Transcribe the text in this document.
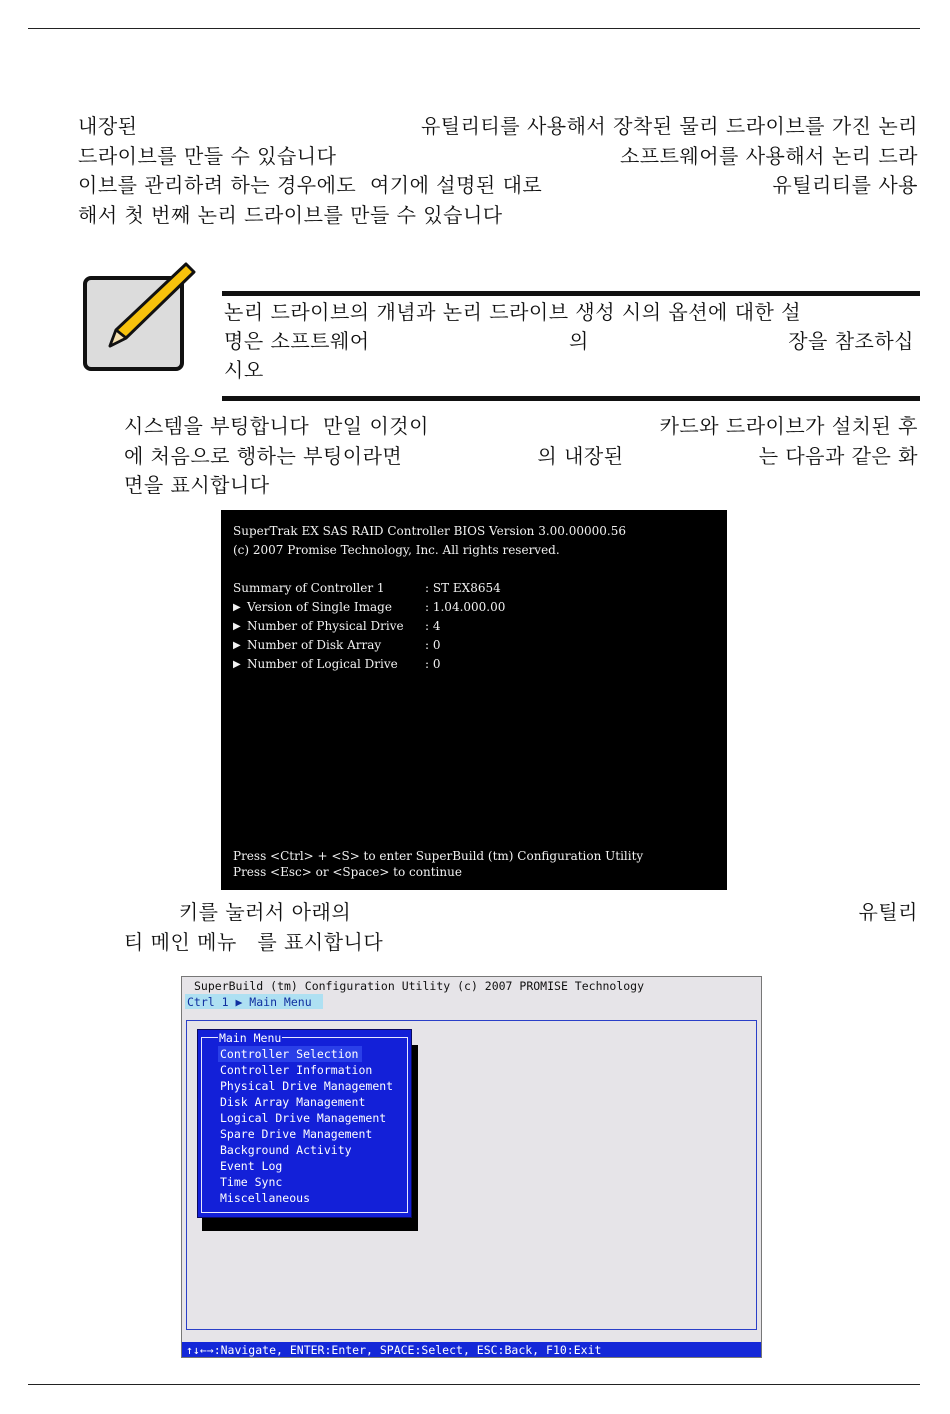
내장된	유틸리티를 사용해서 장착된 물리 드라이브를 가진 논리
드라이브를 만들 수 있습니다	소프트웨어를 사용해서 논리 드라
이브를 관리하려 하는 경우에도  여기에 설명된 대로	유틸리티를 사용
해서 첫 번째 논리 드라이브를 만들 수 있습니다
논리 드라이브의 개념과 논리 드라이브 생성 시의 옵션에 대한 설
명은 소프트웨어	의	장을 참조하십
시오
시스템을 부팅합니다  만일 이것이	카드와 드라이브가 설치된 후
에 처음으로 행하는 부팅이라면	의 내장된	는 다음과 같은 화
면을 표시합니다
SuperTrak EX SAS RAID Controller BIOS Version 3.00.00000.56
(c) 2007 Promise Technology, Inc. All rights reserved.
Summary of Controller 1	: ST EX8654
▶ Version of Single Image	: 1.04.000.00
▶ Number of Physical Drive	: 4
▶ Number of Disk Array	: 0
▶ Number of Logical Drive	: 0
Press <Ctrl> + <S> to enter SuperBuild (tm) Configuration Utility
Press <Esc> or <Space> to continue
키를 눌러서 아래의	유틸리
티 메인 메뉴   를 표시합니다
SuperBuild (tm) Configuration Utility (c) 2007 PROMISE Technology
Ctrl 1 ▶ Main Menu
Main Menu
Controller Selection
Controller Information
Physical Drive Management
Disk Array Management
Logical Drive Management
Spare Drive Management
Background Activity
Event Log
Time Sync
Miscellaneous
↑↓←→:Navigate, ENTER:Enter, SPACE:Select, ESC:Back, F10:Exit
